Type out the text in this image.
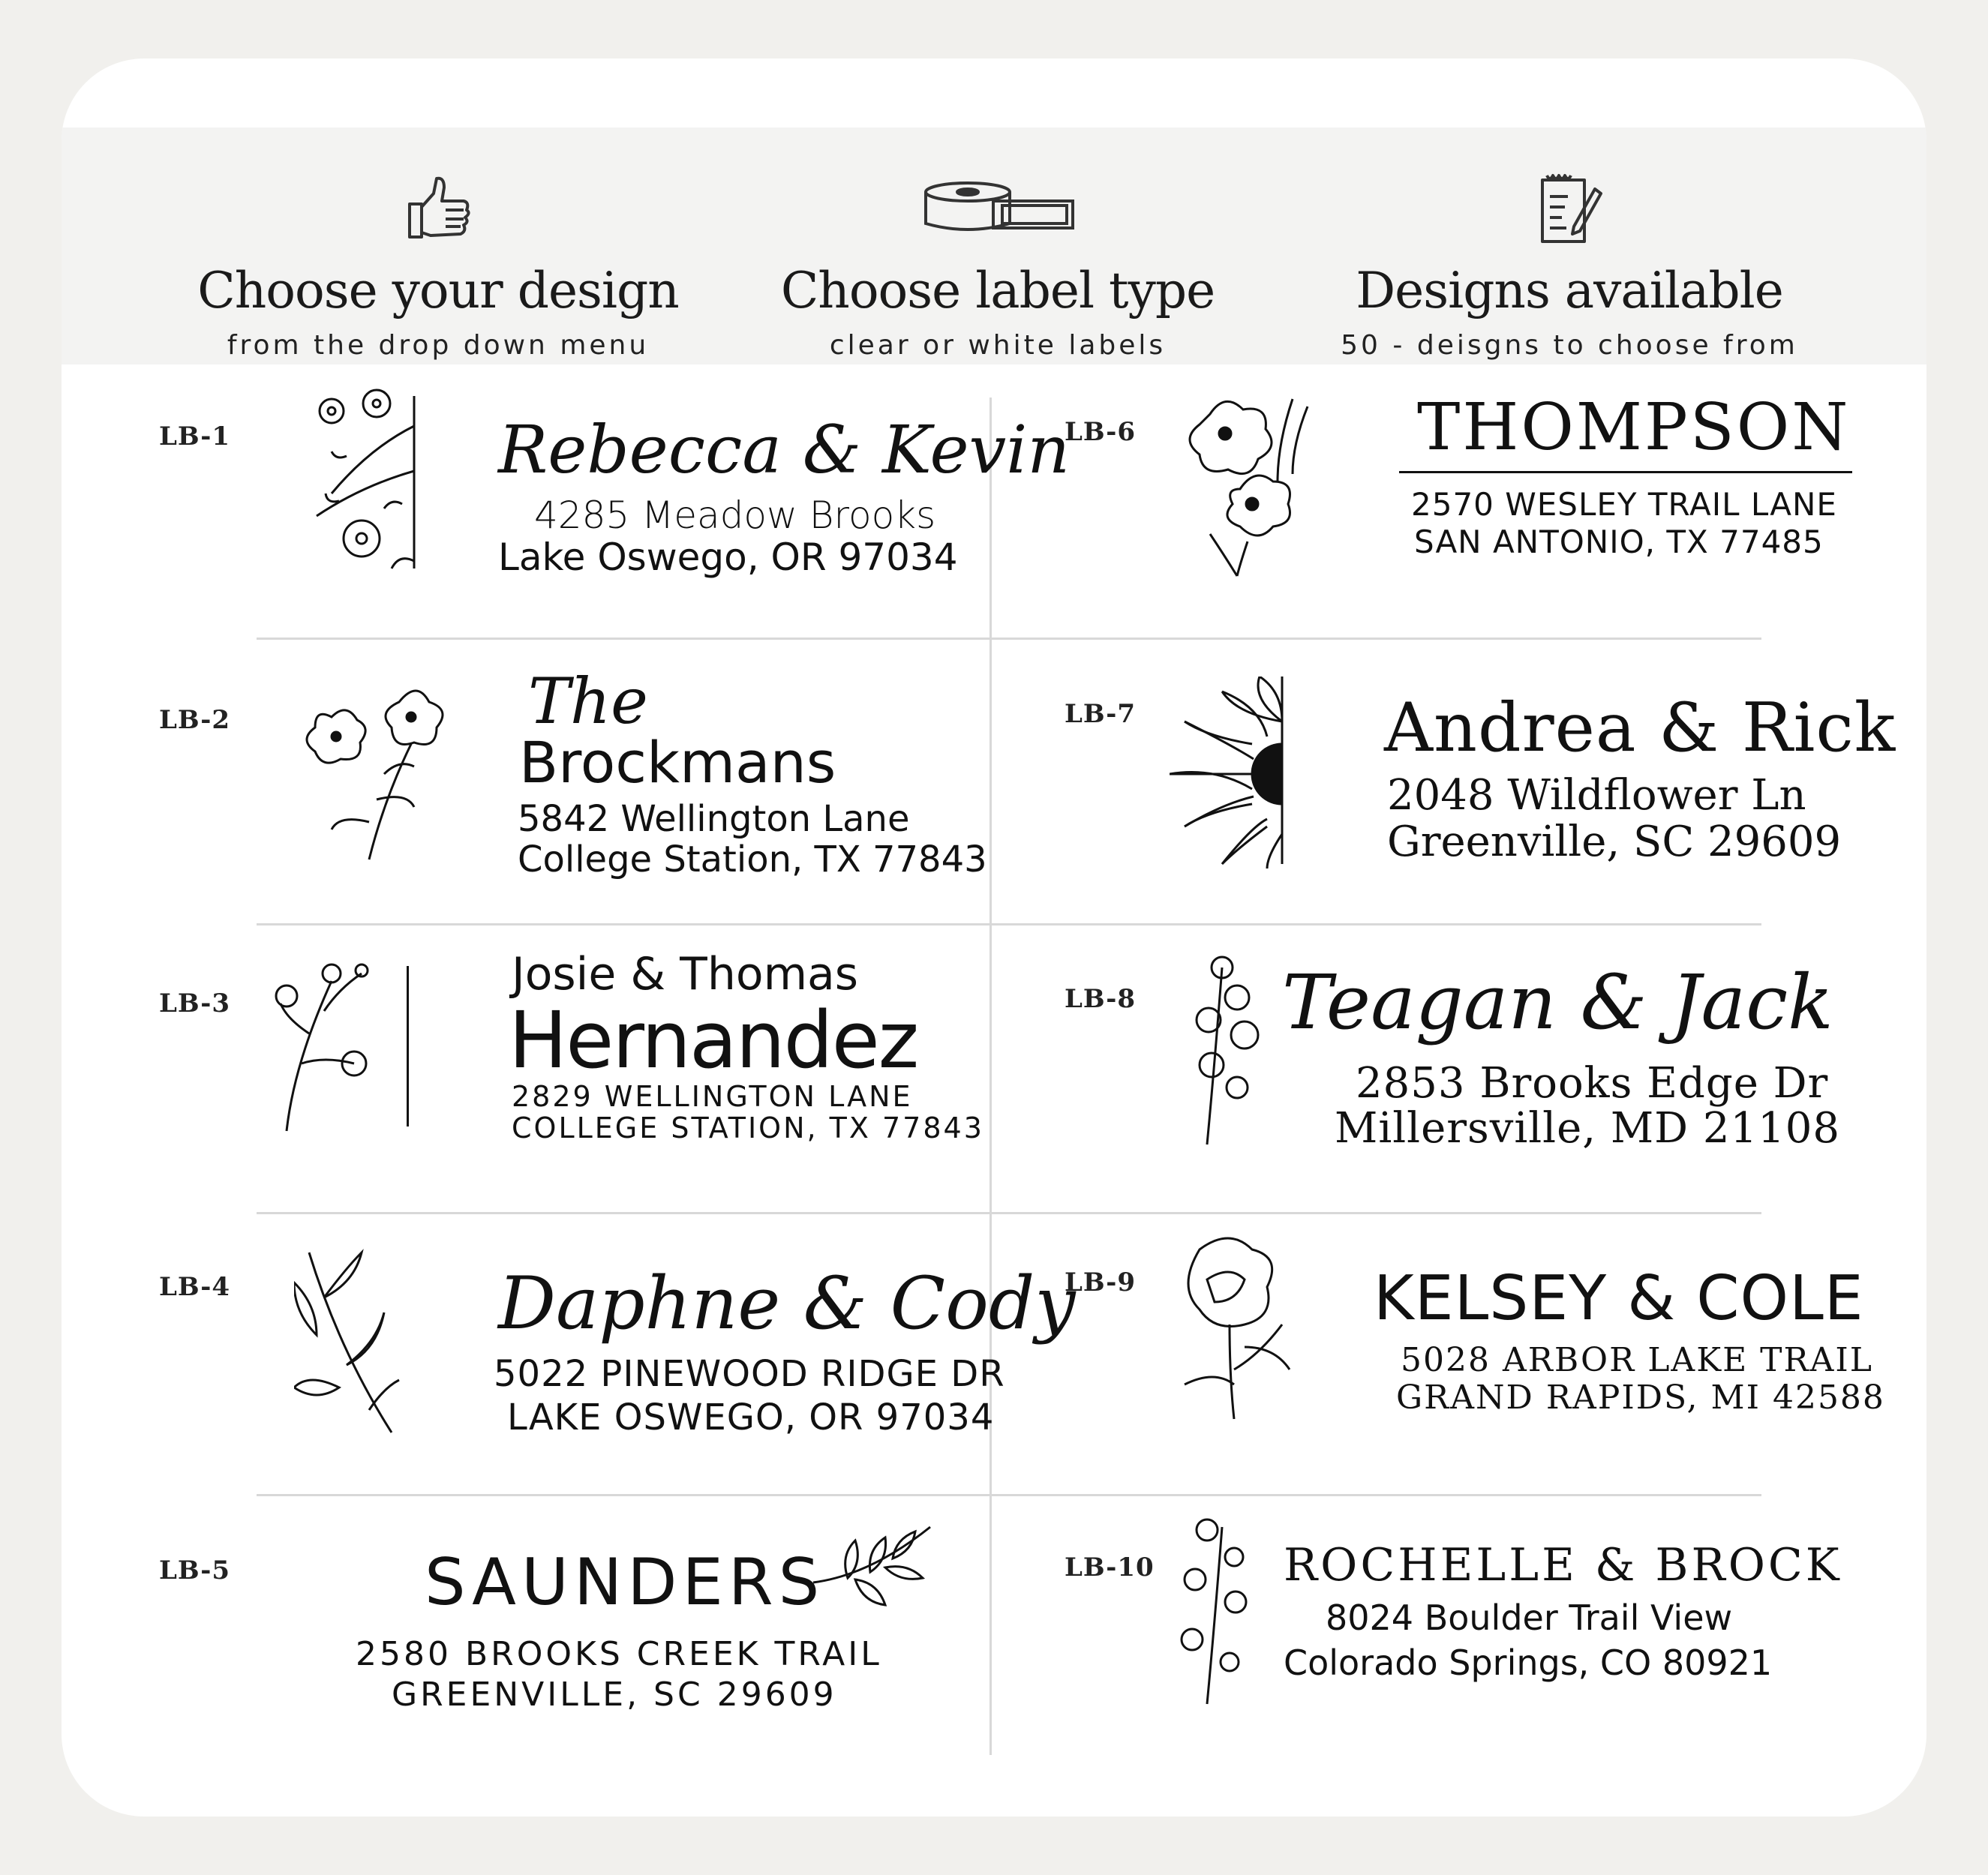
Choose your design
from the drop down menu
Choose label type
clear or white labels
Designs available
50 - deisgns to choose from
LB-1	Rebecca & Kevin
4285 Meadow Brooks
Lake Oswego, OR 97034
LB-2	The
Brockmans
5842 Wellington Lane
College Station, TX 77843
LB-3
Josie & Thomas
Hernandez
2829 WELLINGTON LANE
COLLEGE STATION, TX 77843
LB-4	Daphne & Cody
5022 PINEWOOD RIDGE DR
LAKE OSWEGO, OR 97034
LB-5	SAUNDERS
2580 BROOKS CREEK TRAIL
GREENVILLE, SC 29609
LB-6	THOMPSON
2570 WESLEY TRAIL LANE
SAN ANTONIO, TX 77485
LB-7	Andrea & Rick
2048 Wildflower Ln
Greenville, SC 29609
LB-8 Teagan & Jack
2853 Brooks Edge Dr
Millersville, MD 21108
LB-9	KELSEY & COLE
5028 ARBOR LAKE TRAIL
GRAND RAPIDS, MI 42588
LB-10	ROCHELLE & BROCK
8024 Boulder Trail View
Colorado Springs, CO 80921
